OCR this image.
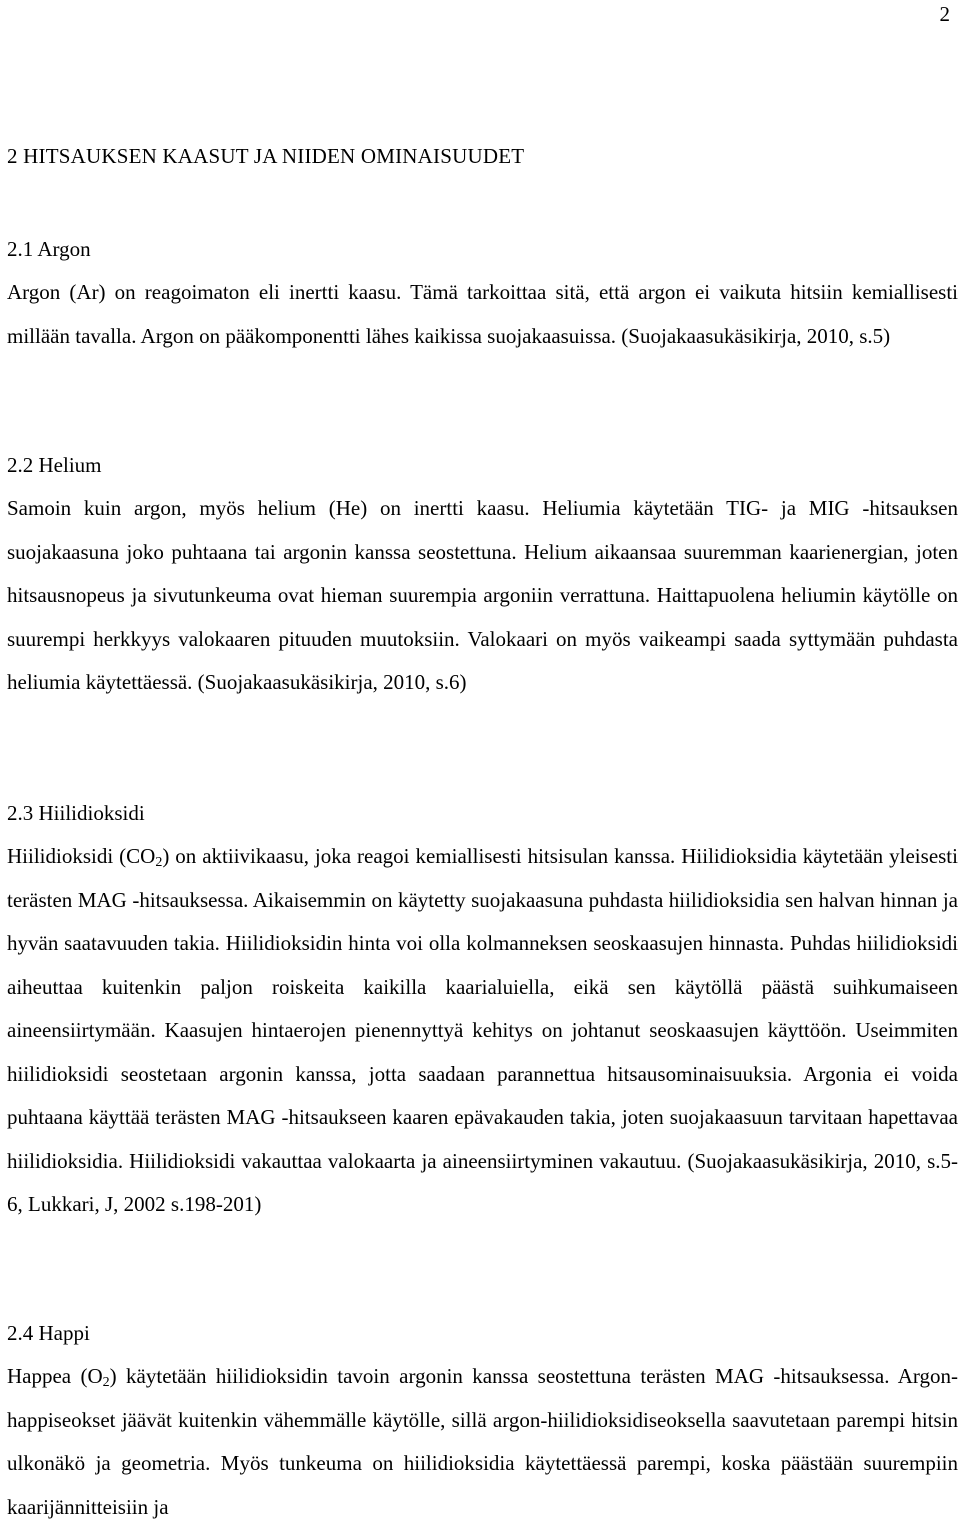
2
2 HITSAUKSEN KAASUT JA NIIDEN OMINAISUUDET
2.1 Argon

Argon (Ar) on reagoimaton eli inertti kaasu. Tämä tarkoittaa sitä, että argon ei vaikuta hitsiin kemiallisesti millään tavalla. Argon on pääkomponentti lähes kaikissa suojakaasuissa. (Suojakaasukäsikirja, 2010, s.5)

2.2 Helium

Samoin kuin argon, myös helium (He) on inertti kaasu. Heliumia käytetään TIG- ja MIG -hitsauksen suojakaasuna joko puhtaana tai argonin kanssa seostettuna. Helium aikaansaa suuremman kaarienergian, joten hitsausnopeus ja sivutunkeuma ovat hieman suurempia argoniin verrattuna. Haittapuolena heliumin käytölle on suurempi herkkyys valokaaren pituuden muutoksiin. Valokaari on myös vaikeampi saada syttymään puhdasta heliumia käytettäessä. (Suojakaasukäsikirja, 2010, s.6)

2.3 Hiilidioksidi

Hiilidioksidi $(CO_2)$ on aktiivikaasu, joka reagoi kemiallisesti hitsisulan kanssa. Hiilidioksidia käytetään yleisesti terästen MAG -hitsauksessa. Aikaisemmin on käytetty suojakaasuna puhdasta hiilidioksidia sen halvan hinnan ja hyvän saatavuuden takia. Hiilidioksidin hinta voi olla kolmanneksen seoskaasujen hinnasta. Puhdas hiilidioksidi aiheuttaa kuitenkin paljon roiskeita kaikilla kaarialuiella, eikä sen käytöllä päästä suihkumaiseen aineensiirtymään. Kaasujen hintaerojen pienennyttyä kehitys on johtanut seoskaasujen käyttöön. Useimmiten hiilidioksidi seostetaan argonin kanssa, jotta saadaan parannettua hitsausominaisuuksia. Argonia ei voida puhtaana käyttää terästen MAG -hitsaukseen kaaren epävakauden takia, joten suojakaasuun tarvitaan hapettavaa hiilidioksidia. Hiilidioksidi vakauttaa valokaarta ja aineensiirtyminen vakautuu. (Suojakaasukäsikirja, 2010, s.5-6, Lukkari, J, 2002 s.198-201)

2.4 Happi

Happea $(O_2)$ käytetään hiilidioksidin tavoin argonin kanssa seostettuna terästen MAG -hitsauksessa. Argon-happiseokset jäävät kuitenkin vähemmälle käytölle, sillä argon-hiilidioksidiseoksella saavutetaan parempi hitsin ulkonäkö ja geometria. Myös tunkeuma on hiilidioksidia käytettäessä parempi, koska päästään suurempiin kaarijännitteisiin ja
